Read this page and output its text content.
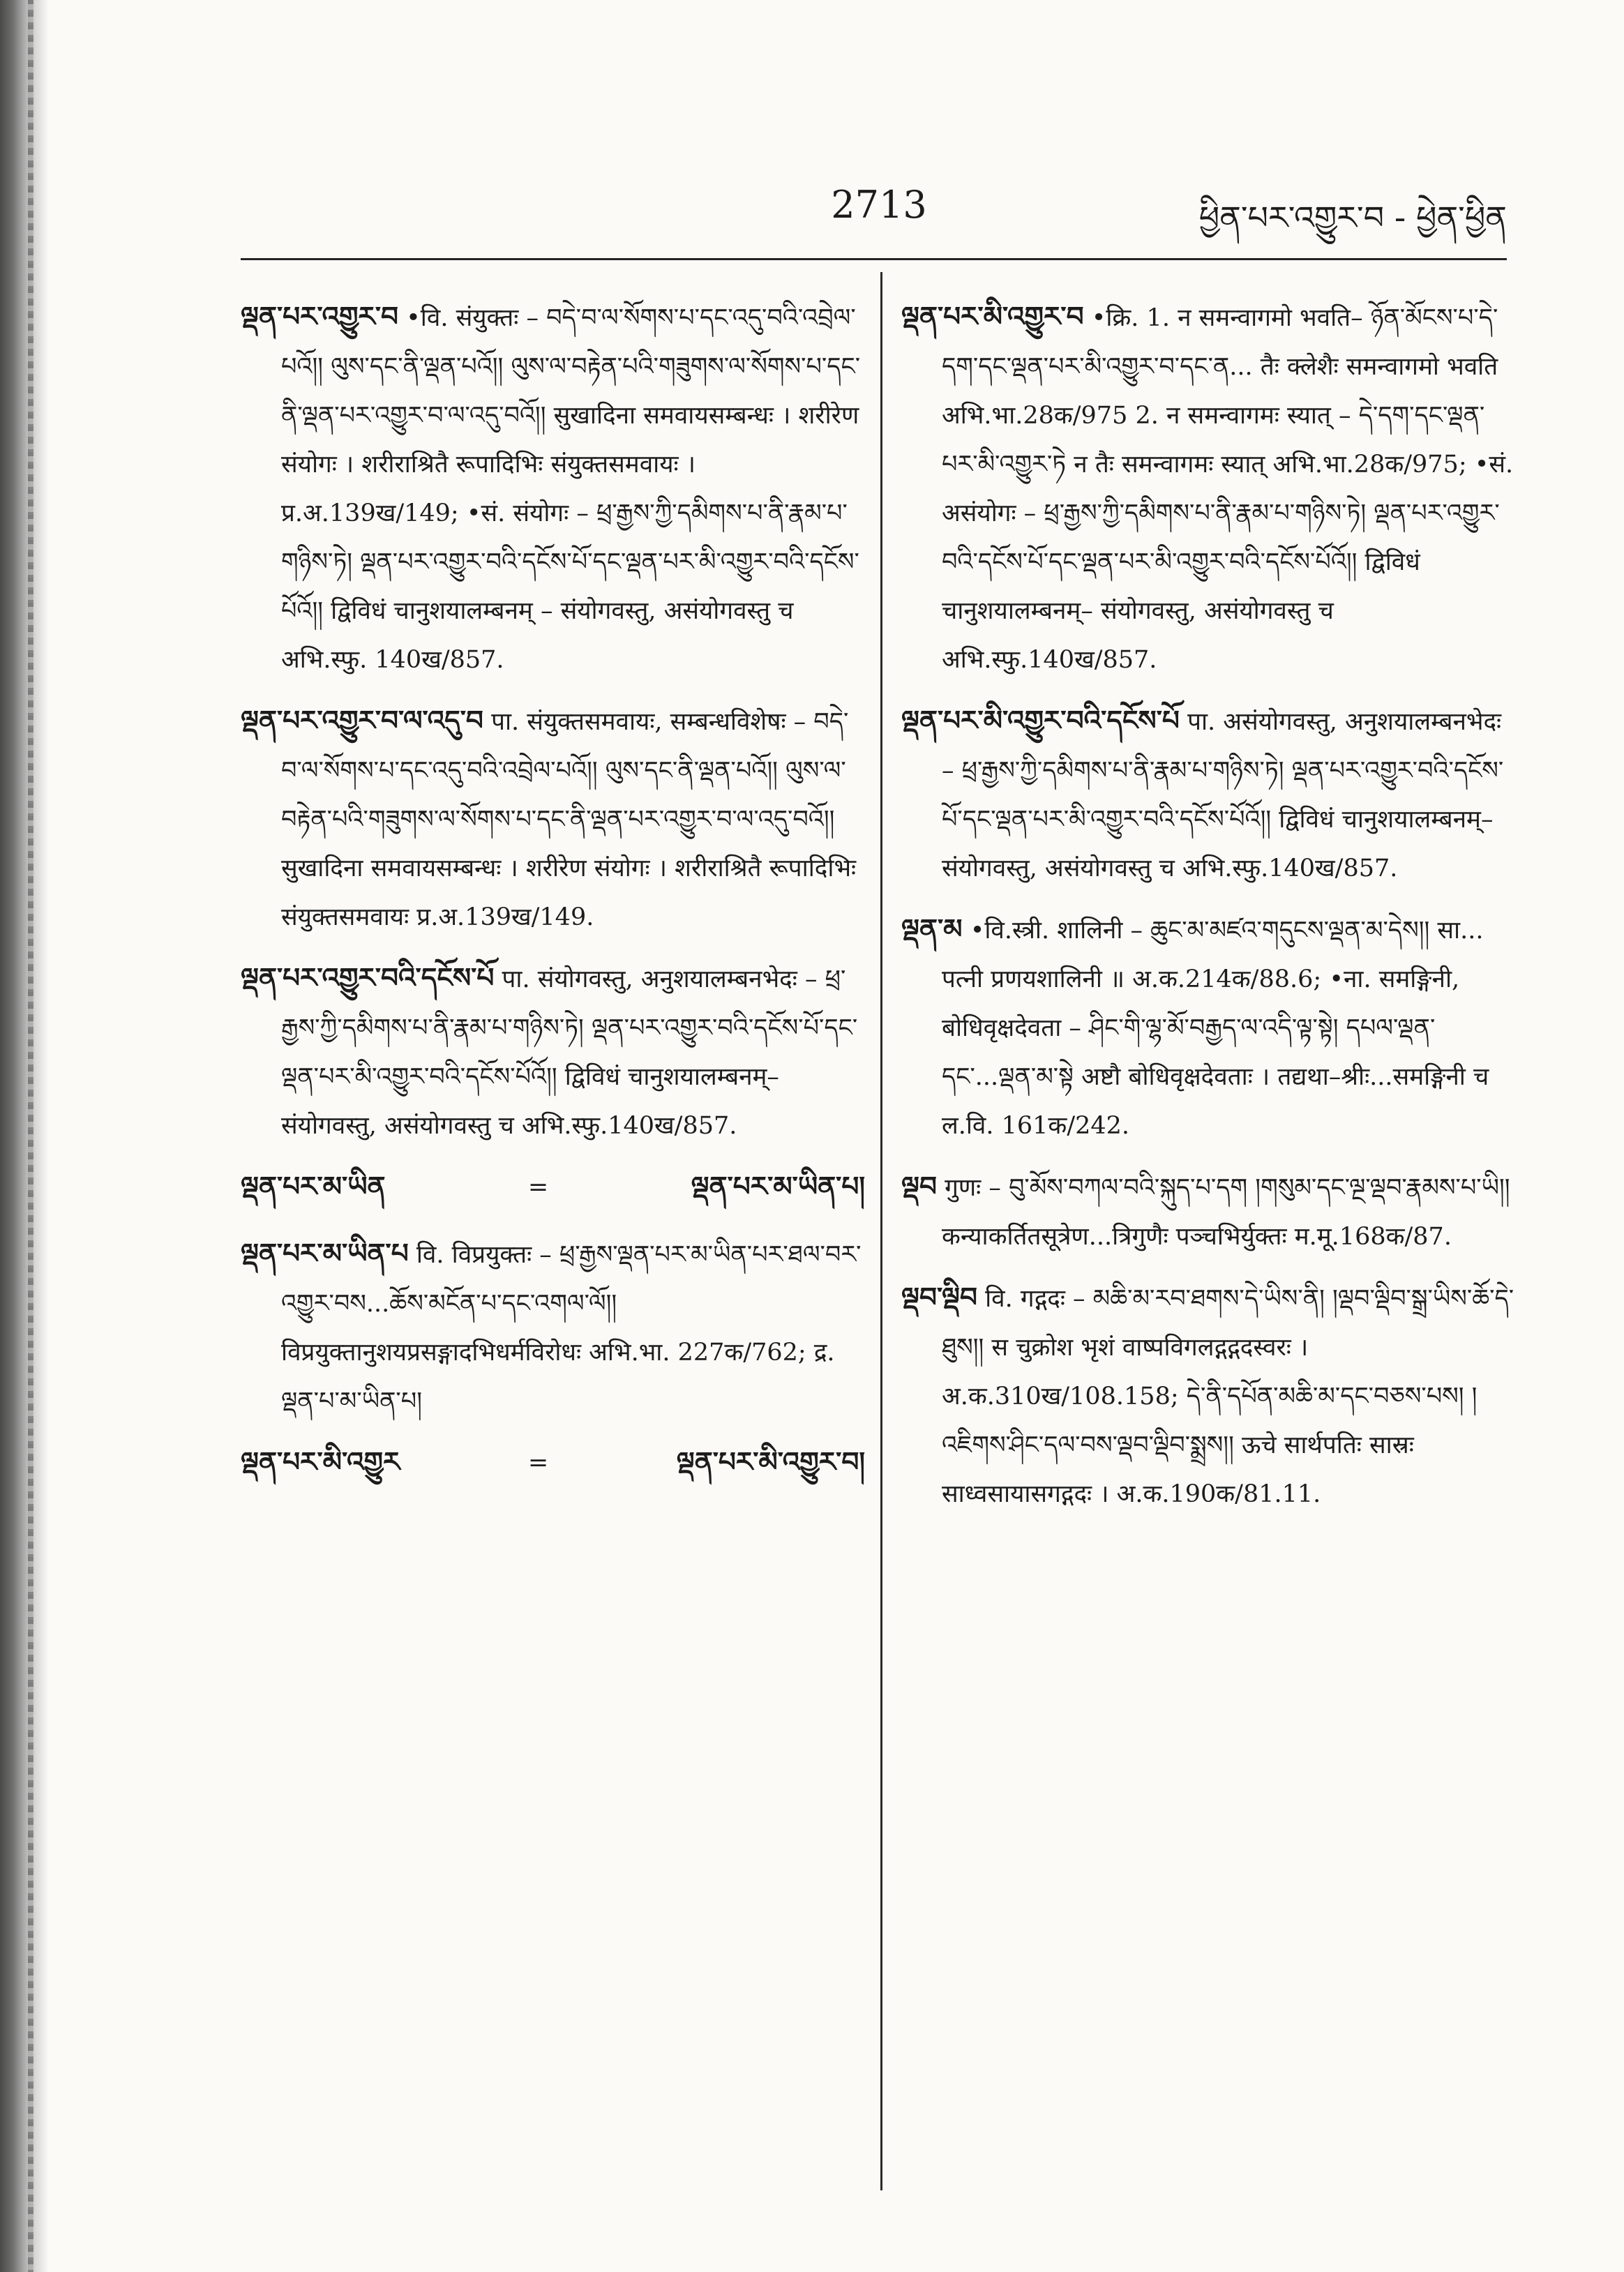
2713	ཕྱིན་པར་འགྱུར་བ - ཕྱེན་ཕྱིན

ལྡན་པར་འགྱུར་བ •वि. संयुक्तः – བདེ་བ་ལ་སོགས་པ་དང་འདུ་བའི་འབྲེལ་པའོ།། ལུས་དང་ནི་ལྡན་པའོ།། ལུས་ལ་བརྟེན་པའི་གཟུགས་ལ་སོགས་པ་དང་ནི་ལྡན་པར་འགྱུར་བ་ལ་འདུ་བའོ།། सुखादिना समवायसम्बन्धः । शरीरेण संयोगः । शरीराश्रितै रूपादिभिः संयुक्तसमवायः । प्र.अ.139ख/149; •सं. संयोगः – ཕྲ་རྒྱས་ཀྱི་དམིགས་པ་ནི་རྣམ་པ་གཉིས་ཏེ། ལྡན་པར་འགྱུར་བའི་དངོས་པོ་དང་ལྡན་པར་མི་འགྱུར་བའི་དངོས་པོའོ།། द्विविधं चानुशयालम्बनम् – संयोगवस्तु, असंयोगवस्तु च अभि.स्फु. 140ख/857.

ལྡན་པར་འགྱུར་བ་ལ་འདུ་བ पा. संयुक्तसमवायः, सम्बन्धविशेषः – བདེ་བ་ལ་སོགས་པ་དང་འདུ་བའི་འབྲེལ་པའོ།། ལུས་དང་ནི་ལྡན་པའོ།། ལུས་ལ་བརྟེན་པའི་གཟུགས་ལ་སོགས་པ་དང་ནི་ལྡན་པར་འགྱུར་བ་ལ་འདུ་བའོ།། सुखादिना समवायसम्बन्धः । शरीरेण संयोगः । शरीराश्रितै रूपादिभिः संयुक्तसमवायः प्र.अ.139ख/149.

ལྡན་པར་འགྱུར་བའི་དངོས་པོ पा. संयोगवस्तु, अनुशयालम्बनभेदः – ཕྲ་རྒྱས་ཀྱི་དམིགས་པ་ནི་རྣམ་པ་གཉིས་ཏེ། ལྡན་པར་འགྱུར་བའི་དངོས་པོ་དང་ལྡན་པར་མི་འགྱུར་བའི་དངོས་པོའོ།། द्विविधं चानुशयालम्बनम्–संयोगवस्तु, असंयोगवस्तु च अभि.स्फु.140ख/857.

ལྡན་པར་མ་ཡིན	=	ལྡན་པར་མ་ཡིན་པ།

ལྡན་པར་མ་ཡིན་པ वि. विप्रयुक्तः – ཕྲ་རྒྱས་ལྡན་པར་མ་ཡིན་པར་ཐལ་བར་འགྱུར་བས...ཆོས་མངོན་པ་དང་འགལ་ལོ།། विप्रयुक्तानुशयप्रसङ्गादभिधर्मविरोधः अभि.भा. 227क/762; द्र. ལྡན་པ་མ་ཡིན་པ།

ལྡན་པར་མི་འགྱུར	=	ལྡན་པར་མི་འགྱུར་བ།

ལྡན་པར་མི་འགྱུར་བ •क्रि. 1. न समन्वागमो भवति– ཉོན་མོངས་པ་དེ་དག་དང་ལྡན་པར་མི་འགྱུར་བ་དང་ན... तैः क्लेशैः समन्वागमो भवति अभि.भा.28क/975 2. न समन्वागमः स्यात् – དེ་དག་དང་ལྡན་པར་མི་འགྱུར་ཏེ न तैः समन्वागमः स्यात् अभि.भा.28क/975; •सं. असंयोगः – ཕྲ་རྒྱས་ཀྱི་དམིགས་པ་ནི་རྣམ་པ་གཉིས་ཏེ། ལྡན་པར་འགྱུར་བའི་དངོས་པོ་དང་ལྡན་པར་མི་འགྱུར་བའི་དངོས་པོའོ།། द्विविधं चानुशयालम्बनम्– संयोगवस्तु, असंयोगवस्तु च अभि.स्फु.140ख/857.

ལྡན་པར་མི་འགྱུར་བའི་དངོས་པོ पा. असंयोगवस्तु, अनुशयालम्बनभेदः – ཕྲ་རྒྱས་ཀྱི་དམིགས་པ་ནི་རྣམ་པ་གཉིས་ཏེ། ལྡན་པར་འགྱུར་བའི་དངོས་པོ་དང་ལྡན་པར་མི་འགྱུར་བའི་དངོས་པོའོ།། द्विविधं चानुशयालम्बनम्–संयोगवस्तु, असंयोगवस्तु च अभि.स्फु.140ख/857.

ལྡན་མ •वि.स्त्री. शालिनी – ཆུང་མ་མཛའ་གདུངས་ལྡན་མ་དེས།། सा... पत्नी प्रणयशालिनी ॥ अ.क.214क/88.6; •ना. समङ्गिनी, बोधिवृक्षदेवता – ཤིང་གི་ལྷ་མོ་བརྒྱད་ལ་འདི་ལྟ་སྟེ། དཔལ་ལྡན་དང་...ལྡན་མ་སྟེ अष्टौ बोधिवृक्षदेवताः । तद्यथा–श्रीः...समङ्गिनी च ल.वि. 161क/242.

ལྡབ गुणः – བུ་མོས་བཀལ་བའི་སྐུད་པ་དག །གསུམ་དང་ལྔ་ལྡབ་རྣམས་པ་ཡི།། कन्याकर्तितसूत्रेण...त्रिगुणैः पञ्चभिर्युक्तः म.मू.168क/87.

ལྡབ་ལྡིབ वि. गद्गदः – མཆི་མ་རབ་ཐགས་དེ་ཡིས་ནི། །ལྡབ་ལྡིབ་སྒྲ་ཡིས་ཆོ་དེ་ཐུས།། स चुक्रोश भृशं वाष्पविगलद्गद्गदस्वरः । अ.क.310ख/108.158; དེ་ནི་དཔོན་མཆི་མ་དང་བཅས་པས། །འཇིགས་ཤིང་དལ་བས་ལྡབ་ལྡིབ་སྨྲས།། ऊचे सार्थपतिः सास्रः साध्वसायासगद्गदः । अ.क.190क/81.11.
